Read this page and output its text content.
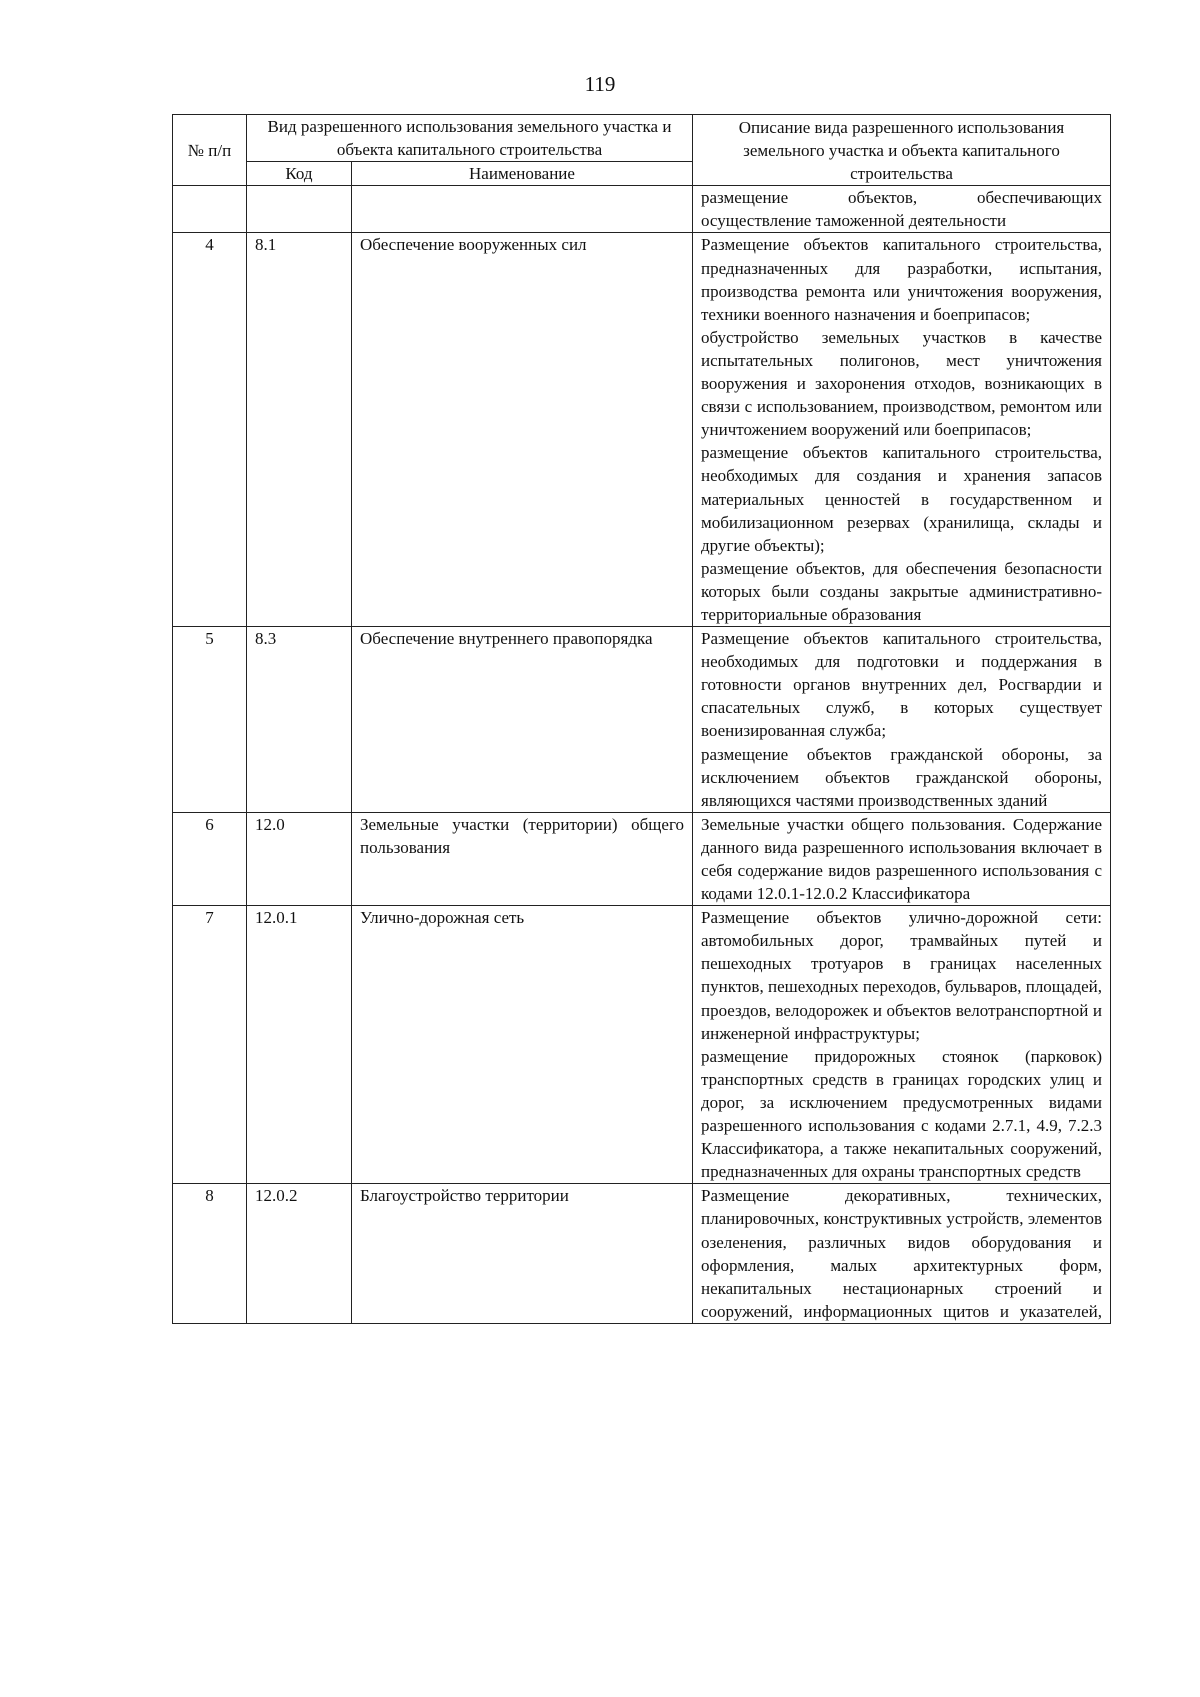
119
№ п/п	Вид разрешенного использования земельного участка и объекта капитального строительства		Описание вида разрешенного использования земельного участка и объекта капитального строительства
	Код	Наименование	

			размещение объектов, обеспечивающих осуществление таможенной деятельности

4	8.1	Обеспечение вооруженных сил	Размещение объектов капитального строительства, предназначенных для разработки, испытания, производства ремонта или уничтожения вооружения, техники военного назначения и боеприпасов;

обустройство земельных участков в качестве испытательных полигонов, мест уничтожения вооружения и захоронения отходов, возникающих в связи с использованием, производством, ремонтом или уничтожением вооружений или боеприпасов;

размещение объектов капитального строительства, необходимых для создания и хранения запасов материальных ценностей в государственном и мобилизационном резервах (хранилища, склады и другие объекты);

размещение объектов, для обеспечения безопасности которых были созданы закрытые административно-территориальные образования

5	8.3	Обеспечение внутреннего правопорядка	Размещение объектов капитального строительства, необходимых для подготовки и поддержания в готовности органов внутренних дел, Росгвардии и спасательных служб, в которых существует военизированная служба;

размещение объектов гражданской обороны, за исключением объектов гражданской обороны, являющихся частями производственных зданий

6	12.0	Земельные участки (территории) общего пользования	Земельные участки общего пользования. Содержание данного вида разрешенного использования включает в себя содержание видов разрешенного использования с кодами 12.0.1-12.0.2 Классификатора

7	12.0.1	Улично-дорожная сеть	Размещение объектов улично-дорожной сети: автомобильных дорог, трамвайных путей и пешеходных тротуаров в границах населенных пунктов, пешеходных переходов, бульваров, площадей, проездов, велодорожек и объектов велотранспортной и инженерной инфраструктуры;

размещение придорожных стоянок (парковок) транспортных средств в границах городских улиц и дорог, за исключением предусмотренных видами разрешенного использования с кодами 2.7.1, 4.9, 7.2.3 Классификатора, а также некапитальных сооружений, предназначенных для охраны транспортных средств

8	12.0.2	Благоустройство территории	Размещение декоративных, технических, планировочных, конструктивных устройств, элементов озеленения, различных видов оборудования и оформления, малых архитектурных форм, некапитальных нестационарных строений и сооружений, информационных щитов и указателей,
